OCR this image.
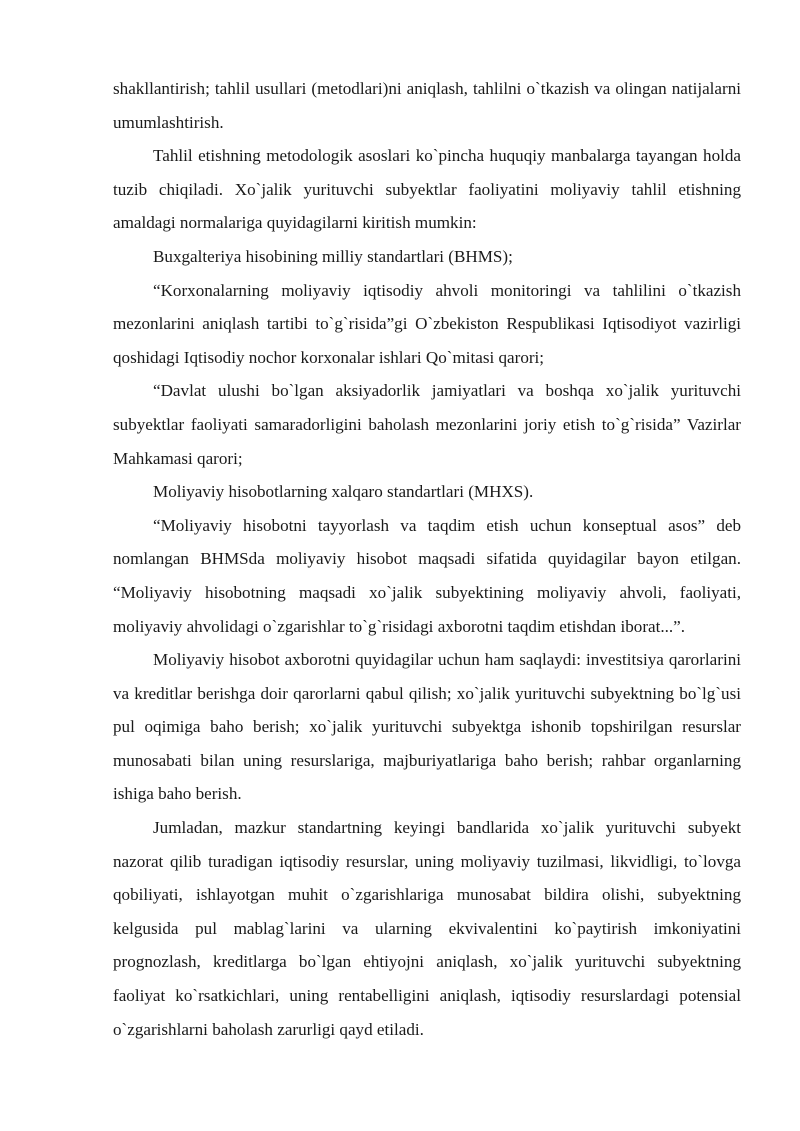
shakllantirish; tahlil usullari (metodlari)ni aniqlash, tahlilni o`tkazish va olingan natijalarni umumlashtirish.

Tahlil etishning metodologik asoslari ko`pincha huquqiy manbalarga tayangan holda tuzib chiqiladi. Xo`jalik yurituvchi subyektlar faoliyatini moliyaviy tahlil etishning amaldagi normalariga quyidagilarni kiritish mumkin:

Buxgalteriya hisobining milliy standartlari (BHMS);

“Korxonalarning moliyaviy iqtisodiy ahvoli monitoringi va tahlilini o`tkazish mezonlarini aniqlash tartibi to`g`risida”gi O`zbekiston Respublikasi Iqtisodiyot vazirligi qoshidagi Iqtisodiy nochor korxonalar ishlari Qo`mitasi qarori;

“Davlat ulushi bo`lgan aksiyadorlik jamiyatlari va boshqa xo`jalik yurituvchi subyektlar faoliyati samaradorligini baholash mezonlarini joriy etish to`g`risida” Vazirlar Mahkamasi qarori;

Moliyaviy hisobotlarning xalqaro standartlari (MHXS).

“Moliyaviy hisobotni tayyorlash va taqdim etish uchun konseptual asos” deb nomlangan BHMSda moliyaviy hisobot maqsadi sifatida quyidagilar bayon etilgan. “Moliyaviy hisobotning maqsadi xo`jalik subyektining moliyaviy ahvoli, faoliyati, moliyaviy ahvolidagi o`zgarishlar to`g`risidagi axborotni taqdim etishdan iborat...”.

Moliyaviy hisobot axborotni quyidagilar uchun ham saqlaydi: investitsiya qarorlarini va kreditlar berishga doir qarorlarni qabul qilish; xo`jalik yurituvchi subyektning bo`lg`usi pul oqimiga baho berish; xo`jalik yurituvchi subyektga ishonib topshirilgan resurslar munosabati bilan uning resurslariga, majburiyatlariga baho berish; rahbar organlarning ishiga baho berish.

Jumladan, mazkur standartning keyingi bandlarida xo`jalik yurituvchi subyekt nazorat qilib turadigan iqtisodiy resurslar, uning moliyaviy tuzilmasi, likvidligi, to`lovga qobiliyati, ishlayotgan muhit o`zgarishlariga munosabat bildira olishi, subyektning kelgusida pul mablag`larini va ularning ekvivalentini ko`paytirish imkoniyatini prognozlash, kreditlarga bo`lgan ehtiyojni aniqlash, xo`jalik yurituvchi subyektning faoliyat ko`rsatkichlari, uning rentabelligini aniqlash, iqtisodiy resurslardagi potensial o`zgarishlarni baholash zarurligi qayd etiladi.
